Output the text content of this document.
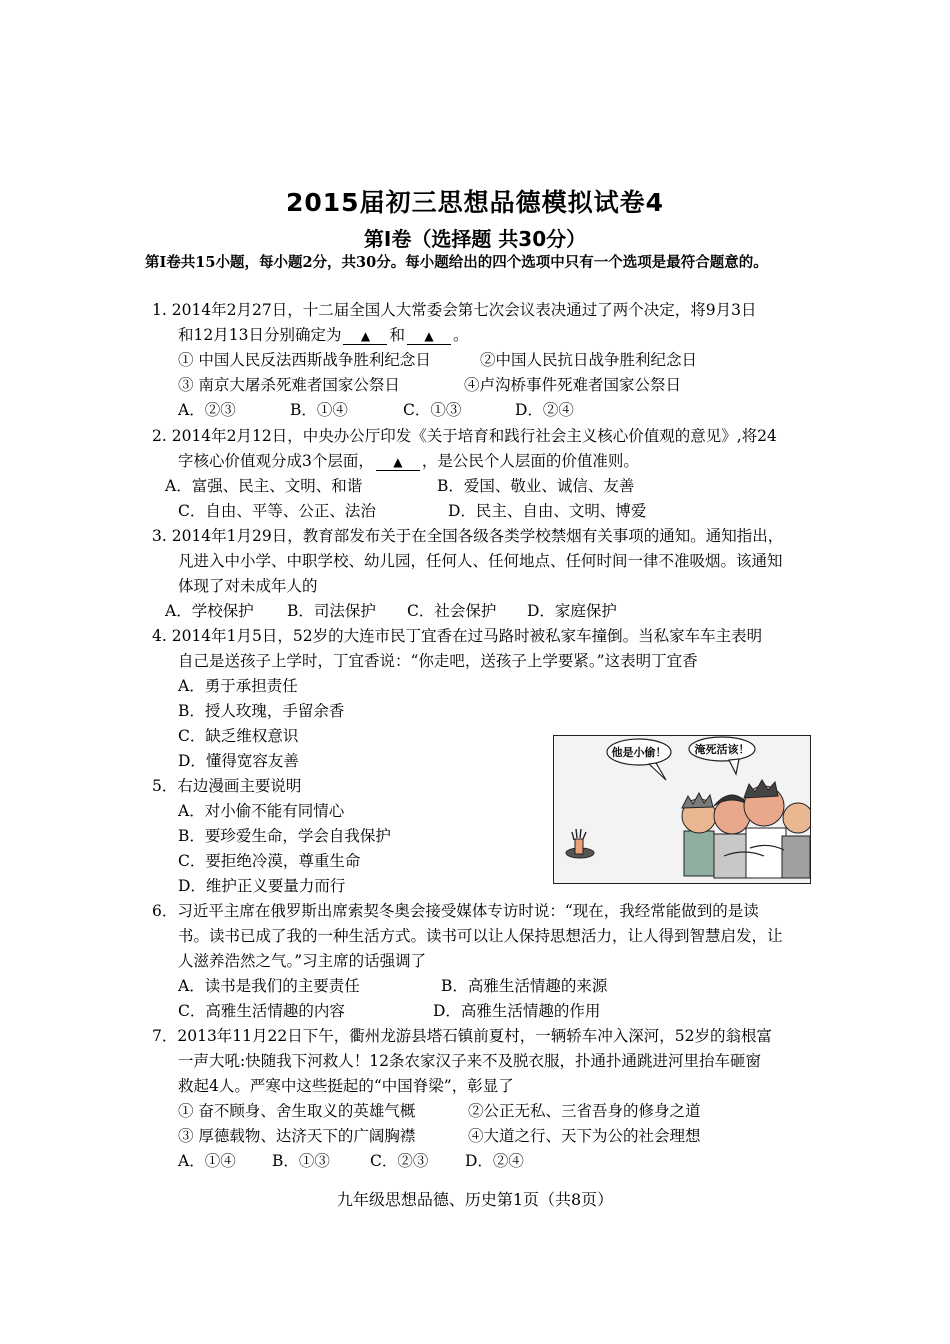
2015届初三思想品德模拟试卷4
第Ⅰ卷（选择题 共30分）
第Ⅰ卷共15小题，每小题2分，共30分。每小题给出的四个选项中只有一个选项是最符合题意的。
1. 2014年2月27日，十二届全国人大常委会第七次会议表决通过了两个决定，将9月3日
和12月13日分别确定为 ▲ 和 ▲ 。
① 中国人民反法西斯战争胜利纪念日	②中国人民抗日战争胜利纪念日
③ 南京大屠杀死难者国家公祭日	④卢沟桥事件死难者国家公祭日
A．②③	B．①④	C．①③	D．②④
2. 2014年2月12日，中央办公厅印发《关于培育和践行社会主义核心价值观的意见》,将24
字核心价值观分成3个层面， ▲ ，是公民个人层面的价值准则。
A．富强、民主、文明、和谐	B．爱国、敬业、诚信、友善
C．自由、平等、公正、法治	D．民主、自由、文明、博爱
3. 2014年1月29日，教育部发布关于在全国各级各类学校禁烟有关事项的通知。通知指出，
凡进入中小学、中职学校、幼儿园，任何人、任何地点、任何时间一律不准吸烟。该通知
体现了对未成年人的
A．学校保护 B．司法保护 C．社会保护 D．家庭保护
4. 2014年1月5日，52岁的大连市民丁宜香在过马路时被私家车撞倒。当私家车车主表明
自己是送孩子上学时，丁宜香说：“你走吧，送孩子上学要紧。”这表明丁宜香
A．勇于承担责任
B．授人玫瑰，手留余香
C．缺乏维权意识
D．懂得宽容友善
5．右边漫画主要说明
A．对小偷不能有同情心
B．要珍爱生命，学会自我保护
C．要拒绝冷漠，尊重生命
D．维护正义要量力而行
他是小偷！	淹死活该！
6．习近平主席在俄罗斯出席索契冬奥会接受媒体专访时说：“现在，我经常能做到的是读
书。读书已成了我的一种生活方式。读书可以让人保持思想活力，让人得到智慧启发，让
人滋养浩然之气。”习主席的话强调了
A．读书是我们的主要责任	B．高雅生活情趣的来源
C．高雅生活情趣的内容	D．高雅生活情趣的作用
7．2013年11月22日下午，衢州龙游县塔石镇前夏村，一辆轿车冲入深河，52岁的翁根富
一声大吼:快随我下河救人！12条农家汉子来不及脱衣服，扑通扑通跳进河里抬车砸窗
救起4人。严寒中这些挺起的“中国脊梁”，彰显了
① 奋不顾身、舍生取义的英雄气概	②公正无私、三省吾身的修身之道
③ 厚德载物、达济天下的广阔胸襟	④大道之行、天下为公的社会理想
A．①④ B．①③	C．②③ D．②④
九年级思想品德、历史第1页（共8页）
